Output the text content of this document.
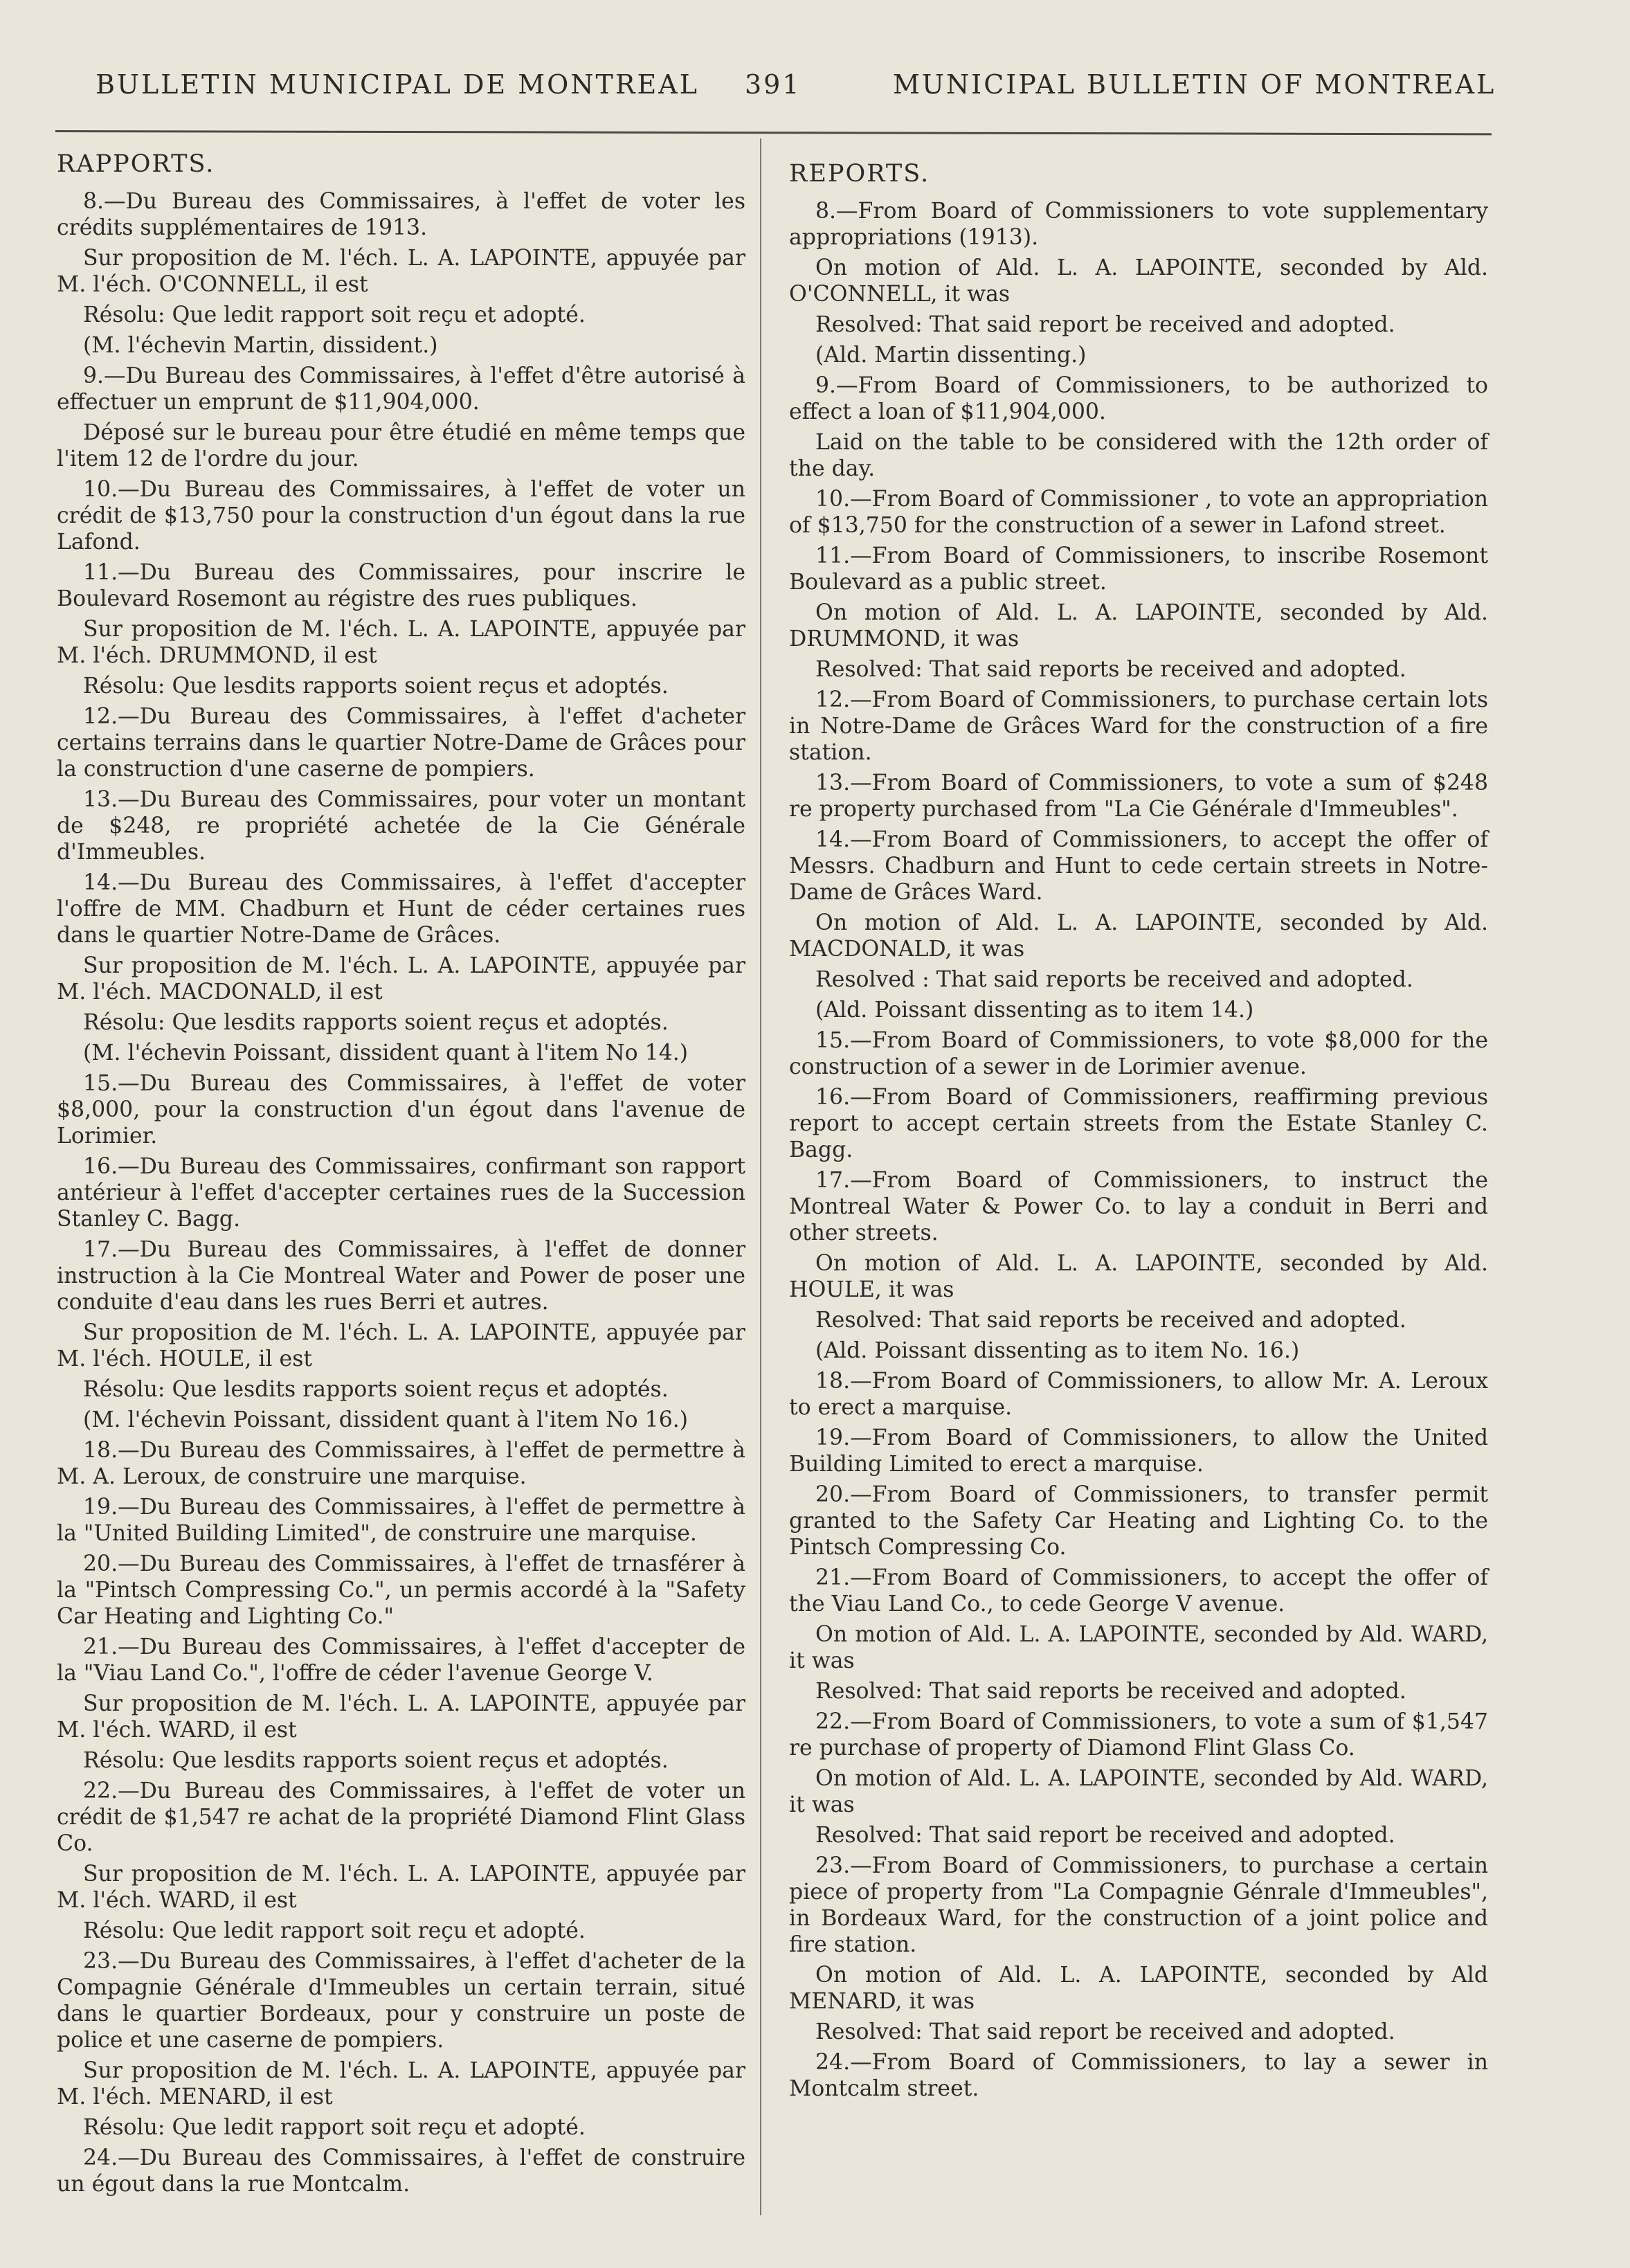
BULLETIN MUNICIPAL DE MONTREAL 391	MUNICIPAL BULLETIN OF MONTREAL
RAPPORTS.

8.—Du Bureau des Commissaires, à l'effet de voter les crédits supplémentaires de 1913.

Sur proposition de M. l'éch. L. A. LAPOINTE, appuyée par M. l'éch. O'CONNELL, il est

Résolu: Que ledit rapport soit reçu et adopté.

(M. l'échevin Martin, dissident.)

9.—Du Bureau des Commissaires, à l'effet d'être autorisé à effectuer un emprunt de $11,904,000.

Déposé sur le bureau pour être étudié en même temps que l'item 12 de l'ordre du jour.

10.—Du Bureau des Commissaires, à l'effet de voter un crédit de $13,750 pour la construction d'un égout dans la rue Lafond.

11.—Du Bureau des Commissaires, pour inscrire le Boulevard Rosemont au régistre des rues publiques.

Sur proposition de M. l'éch. L. A. LAPOINTE, appuyée par M. l'éch. DRUMMOND, il est

Résolu: Que lesdits rapports soient reçus et adoptés.

12.—Du Bureau des Commissaires, à l'effet d'acheter certains terrains dans le quartier Notre-Dame de Grâces pour la construction d'une caserne de pompiers.

13.—Du Bureau des Commissaires, pour voter un montant de $248, re propriété achetée de la Cie Générale d'Immeubles.

14.—Du Bureau des Commissaires, à l'effet d'accepter l'offre de MM. Chadburn et Hunt de céder certaines rues dans le quartier Notre-Dame de Grâces.

Sur proposition de M. l'éch. L. A. LAPOINTE, appuyée par M. l'éch. MACDONALD, il est

Résolu: Que lesdits rapports soient reçus et adoptés.

(M. l'échevin Poissant, dissident quant à l'item No 14.)

15.—Du Bureau des Commissaires, à l'effet de voter $8,000, pour la construction d'un égout dans l'avenue de Lorimier.

16.—Du Bureau des Commissaires, confirmant son rapport antérieur à l'effet d'accepter certaines rues de la Succession Stanley C. Bagg.

17.—Du Bureau des Commissaires, à l'effet de donner instruction à la Cie Montreal Water and Power de poser une conduite d'eau dans les rues Berri et autres.

Sur proposition de M. l'éch. L. A. LAPOINTE, appuyée par M. l'éch. HOULE, il est

Résolu: Que lesdits rapports soient reçus et adoptés.

(M. l'échevin Poissant, dissident quant à l'item No 16.)

18.—Du Bureau des Commissaires, à l'effet de permettre à M. A. Leroux, de construire une marquise.

19.—Du Bureau des Commissaires, à l'effet de permettre à la "United Building Limited", de construire une marquise.

20.—Du Bureau des Commissaires, à l'effet de trnasférer à la "Pintsch Compressing Co.", un permis accordé à la "Safety Car Heating and Lighting Co."

21.—Du Bureau des Commissaires, à l'effet d'accepter de la "Viau Land Co.", l'offre de céder l'avenue George V.

Sur proposition de M. l'éch. L. A. LAPOINTE, appuyée par M. l'éch. WARD, il est

Résolu: Que lesdits rapports soient reçus et adoptés.

22.—Du Bureau des Commissaires, à l'effet de voter un crédit de $1,547 re achat de la propriété Diamond Flint Glass Co.

Sur proposition de M. l'éch. L. A. LAPOINTE, appuyée par M. l'éch. WARD, il est

Résolu: Que ledit rapport soit reçu et adopté.

23.—Du Bureau des Commissaires, à l'effet d'acheter de la Compagnie Générale d'Immeubles un certain terrain, situé dans le quartier Bordeaux, pour y construire un poste de police et une caserne de pompiers.

Sur proposition de M. l'éch. L. A. LAPOINTE, appuyée par M. l'éch. MENARD, il est

Résolu: Que ledit rapport soit reçu et adopté.

24.—Du Bureau des Commissaires, à l'effet de construire un égout dans la rue Montcalm.

REPORTS.

8.—From Board of Commissioners to vote supplementary appropriations (1913).

On motion of Ald. L. A. LAPOINTE, seconded by Ald. O'CONNELL, it was

Resolved: That said report be received and adopted.

(Ald. Martin dissenting.)

9.—From Board of Commissioners, to be authorized to effect a loan of $11,904,000.

Laid on the table to be considered with the 12th order of the day.

10.—From Board of Commissioner , to vote an appropriation of $13,750 for the construction of a sewer in Lafond street.

11.—From Board of Commissioners, to inscribe Rosemont Boulevard as a public street.

On motion of Ald. L. A. LAPOINTE, seconded by Ald. DRUMMOND, it was

Resolved: That said reports be received and adopted.

12.—From Board of Commissioners, to purchase certain lots in Notre-Dame de Grâces Ward for the construction of a fire station.

13.—From Board of Commissioners, to vote a sum of $248 re property purchased from "La Cie Générale d'Immeubles".

14.—From Board of Commissioners, to accept the offer of Messrs. Chadburn and Hunt to cede certain streets in Notre-Dame de Grâces Ward.

On motion of Ald. L. A. LAPOINTE, seconded by Ald. MACDONALD, it was

Resolved : That said reports be received and adopted.

(Ald. Poissant dissenting as to item 14.)

15.—From Board of Commissioners, to vote $8,000 for the construction of a sewer in de Lorimier avenue.

16.—From Board of Commissioners, reaffirming previous report to accept certain streets from the Estate Stanley C. Bagg.

17.—From Board of Commissioners, to instruct the Montreal Water & Power Co. to lay a conduit in Berri and other streets.

On motion of Ald. L. A. LAPOINTE, seconded by Ald. HOULE, it was

Resolved: That said reports be received and adopted.

(Ald. Poissant dissenting as to item No. 16.)

18.—From Board of Commissioners, to allow Mr. A. Leroux to erect a marquise.

19.—From Board of Commissioners, to allow the United Building Limited to erect a marquise.

20.—From Board of Commissioners, to transfer permit granted to the Safety Car Heating and Lighting Co. to the Pintsch Compressing Co.

21.—From Board of Commissioners, to accept the offer of the Viau Land Co., to cede George V avenue.

On motion of Ald. L. A. LAPOINTE, seconded by Ald. WARD, it was

Resolved: That said reports be received and adopted.

22.—From Board of Commissioners, to vote a sum of $1,547 re purchase of property of Diamond Flint Glass Co.

On motion of Ald. L. A. LAPOINTE, seconded by Ald. WARD, it was

Resolved: That said report be received and adopted.

23.—From Board of Commissioners, to purchase a certain piece of property from "La Compagnie Génrale d'Immeubles", in Bordeaux Ward, for the construction of a joint police and fire station.

On motion of Ald. L. A. LAPOINTE, seconded by Ald MENARD, it was

Resolved: That said report be received and adopted.

24.—From Board of Commissioners, to lay a sewer in Montcalm street.
